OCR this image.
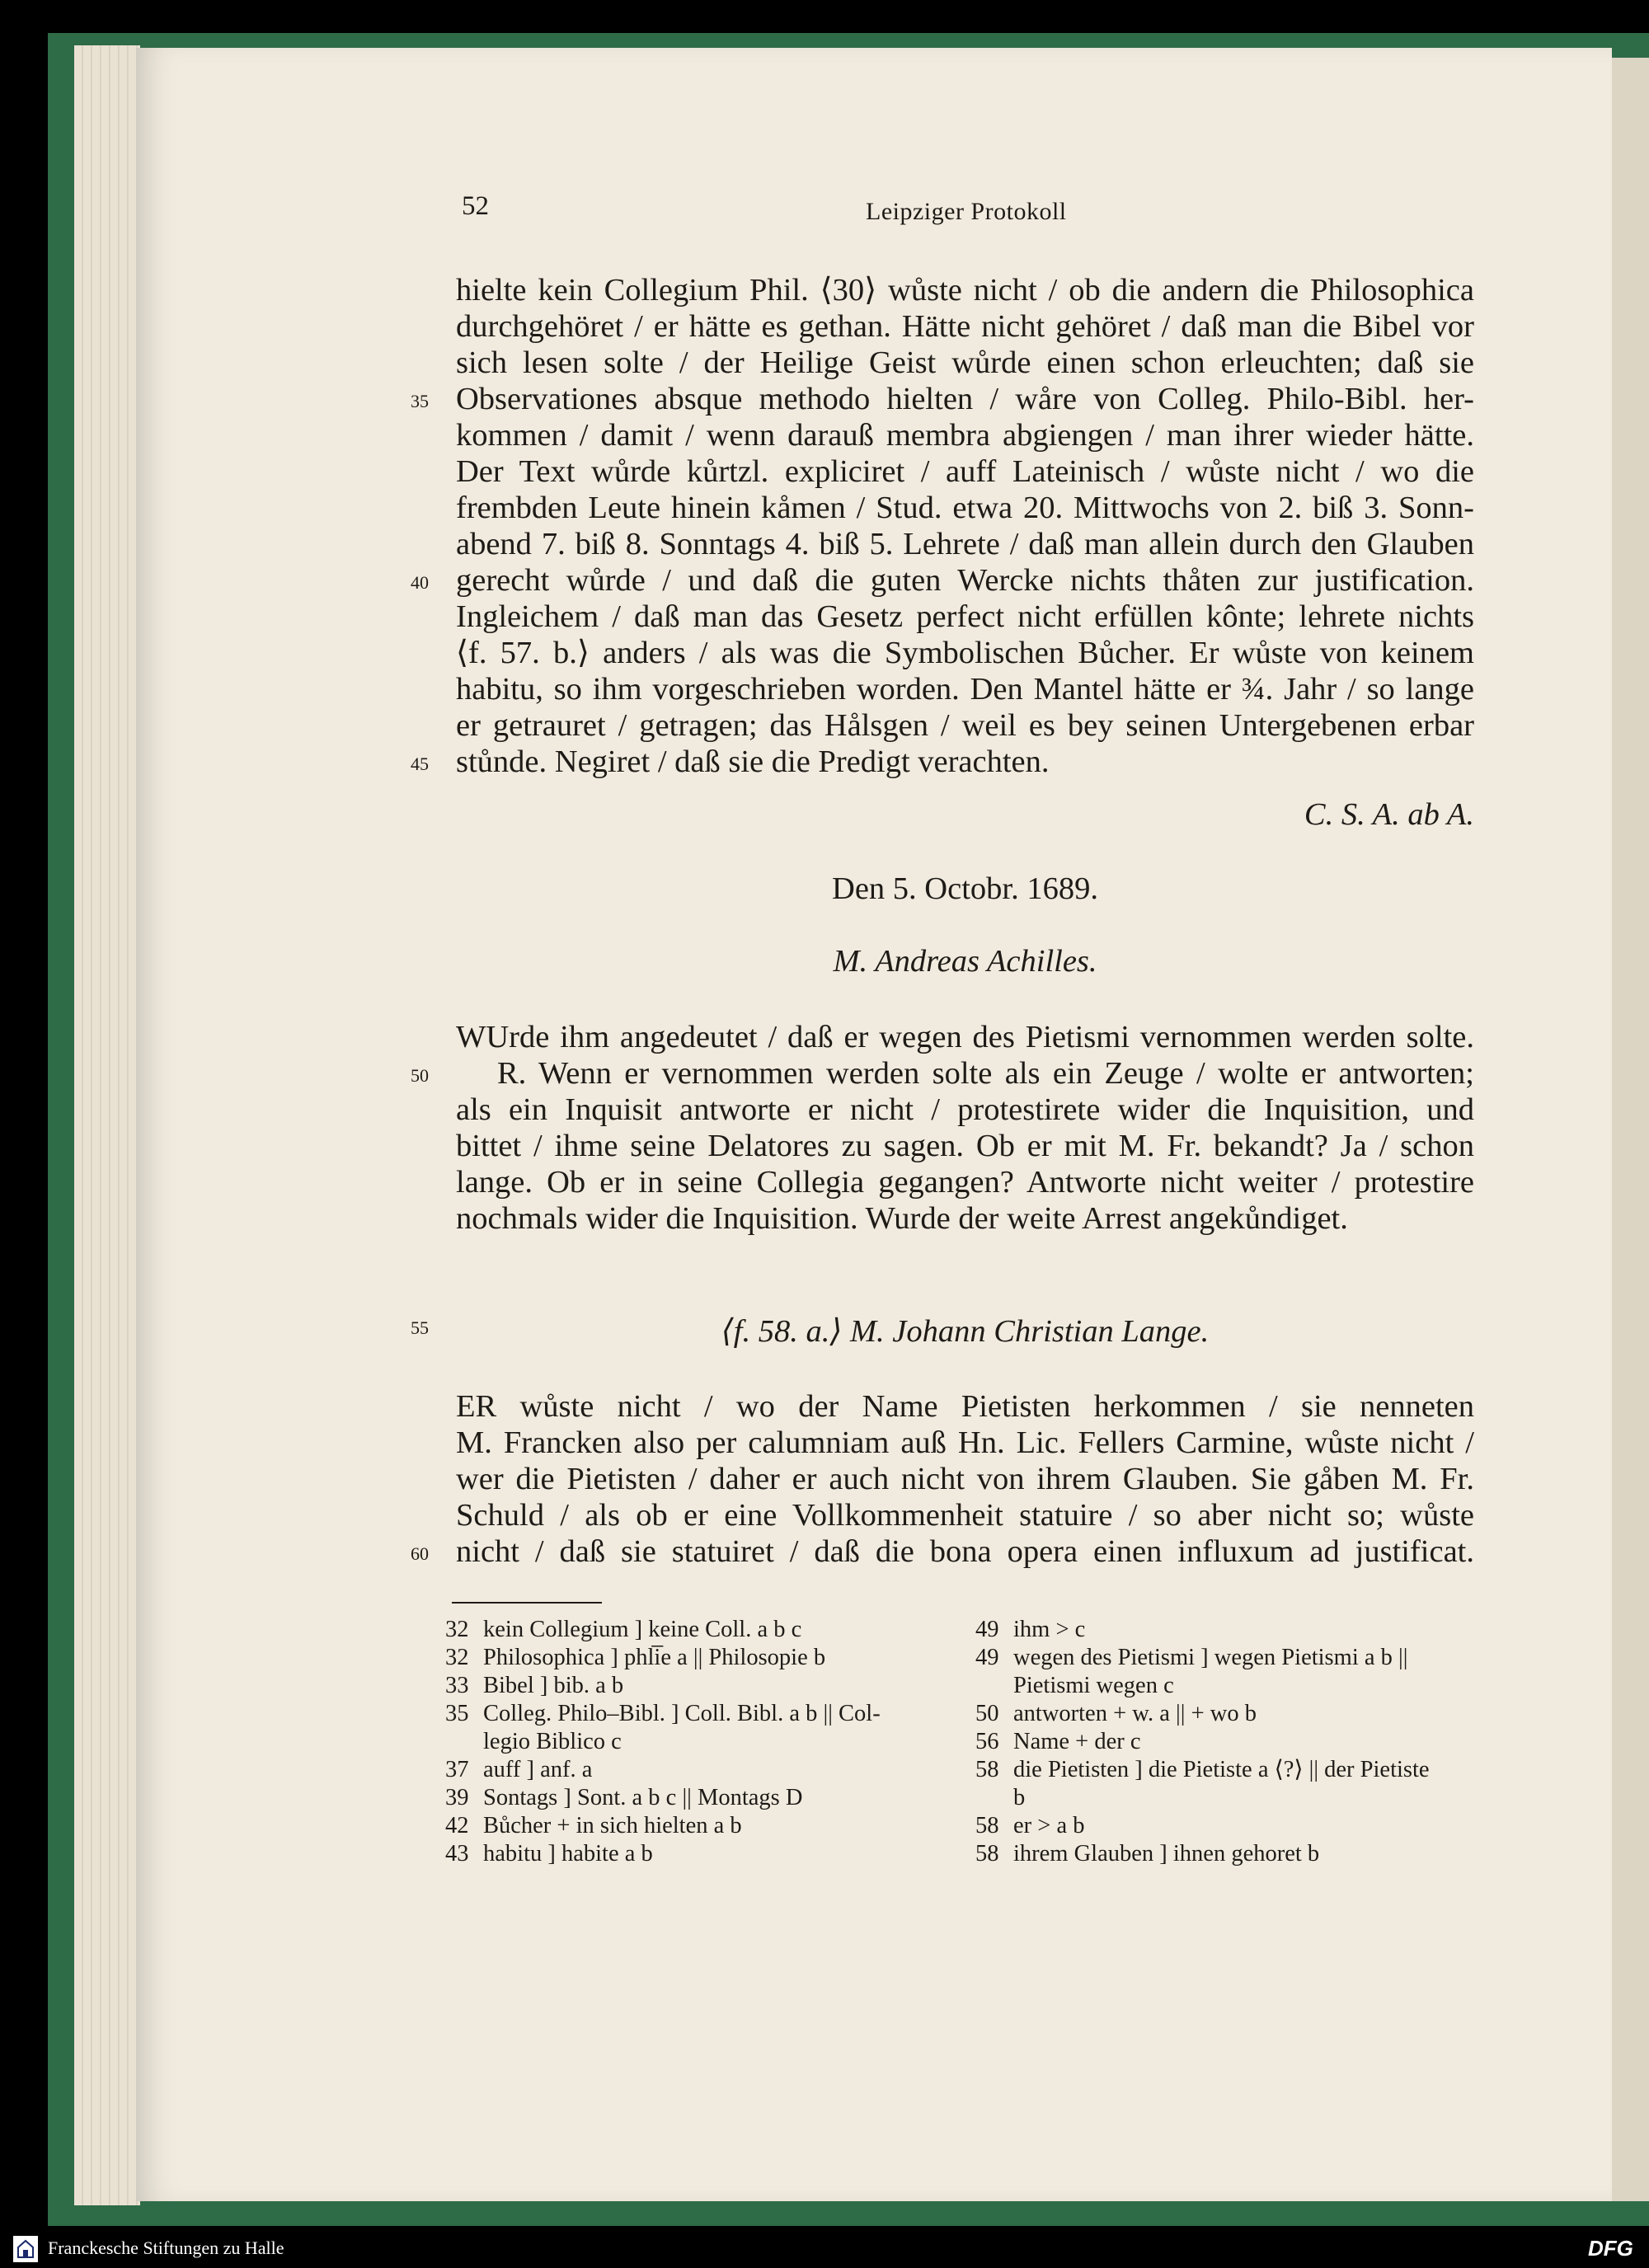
52	Leipziger Protokoll
hielte kein Collegium Phil. ⟨30⟩ wůste nicht / ob die andern die Philosophica
durchgehöret / er hätte es gethan. Hätte nicht gehöret / daß man die Bibel vor
sich lesen solte / der Heilige Geist wůrde einen schon erleuchten; daß sie
Observationes absque methodo hielten / wåre von Colleg. Philo-Bibl. her-
kommen / damit / wenn darauß membra abgiengen / man ihrer wieder hätte.
Der Text wůrde kůrtzl. expliciret / auff Lateinisch / wůste nicht / wo die
frembden Leute hinein kåmen / Stud. etwa 20. Mittwochs von 2. biß 3. Sonn-
abend 7. biß 8. Sonntags 4. biß 5. Lehrete / daß man allein durch den Glauben
gerecht wůrde / und daß die guten Wercke nichts thåten zur justification.
Ingleichem / daß man das Gesetz perfect nicht erfüllen kônte; lehrete nichts
⟨f. 57. b.⟩ anders / als was die Symbolischen Bůcher. Er wůste von keinem
habitu, so ihm vorgeschrieben worden. Den Mantel hätte er ¾. Jahr / so lange
er getrauret / getragen; das Hålsgen / weil es bey seinen Untergebenen erbar
stůnde. Negiret / daß sie die Predigt verachten.
C. S. A. ab A.
Den 5. Octobr. 1689.
M. Andreas Achilles.
WUrde ihm angedeutet / daß er wegen des Pietismi vernommen werden solte.
R. Wenn er vernommen werden solte als ein Zeuge / wolte er antworten;
als ein Inquisit antworte er nicht / protestirete wider die Inquisition, und
bittet / ihme seine Delatores zu sagen. Ob er mit M. Fr. bekandt? Ja / schon
lange. Ob er in seine Collegia gegangen? Antworte nicht weiter / protestire
nochmals wider die Inquisition. Wurde der weite Arrest angekůndiget.
⟨f. 58. a.⟩ M. Johann Christian Lange.
ER wůste nicht / wo der Name Pietisten herkommen / sie nenneten
M. Francken also per calumniam auß Hn. Lic. Fellers Carmine, wůste nicht /
wer die Pietisten / daher er auch nicht von ihrem Glauben. Sie gåben M. Fr.
Schuld / als ob er eine Vollkommenheit statuire / so aber nicht so; wůste
nicht / daß sie statuiret / daß die bona opera einen influxum ad justificat.
35
40
45
50
55
60
32 kein Collegium ] keine Coll. a b c
32 Philosophica ] phli̅e a || Philosopie b
33 Bibel ] bib. a b
35 Colleg. Philo–Bibl. ] Coll. Bibl. a b || Col-
legio Biblico c
37 auff ] anf. a
39 Sontags ] Sont. a b c || Montags D
42 Bůcher + in sich hielten a b
43 habitu ] habite a b
49 ihm > c
49 wegen des Pietismi ] wegen Pietismi a b ||
Pietismi wegen c
50 antworten + w. a || + wo b
56 Name + der c
58 die Pietisten ] die Pietiste a ⟨?⟩ || der Pietiste
b
58 er > a b
58 ihrem Glauben ] ihnen gehoret b
Franckesche Stiftungen zu Halle	DFG
